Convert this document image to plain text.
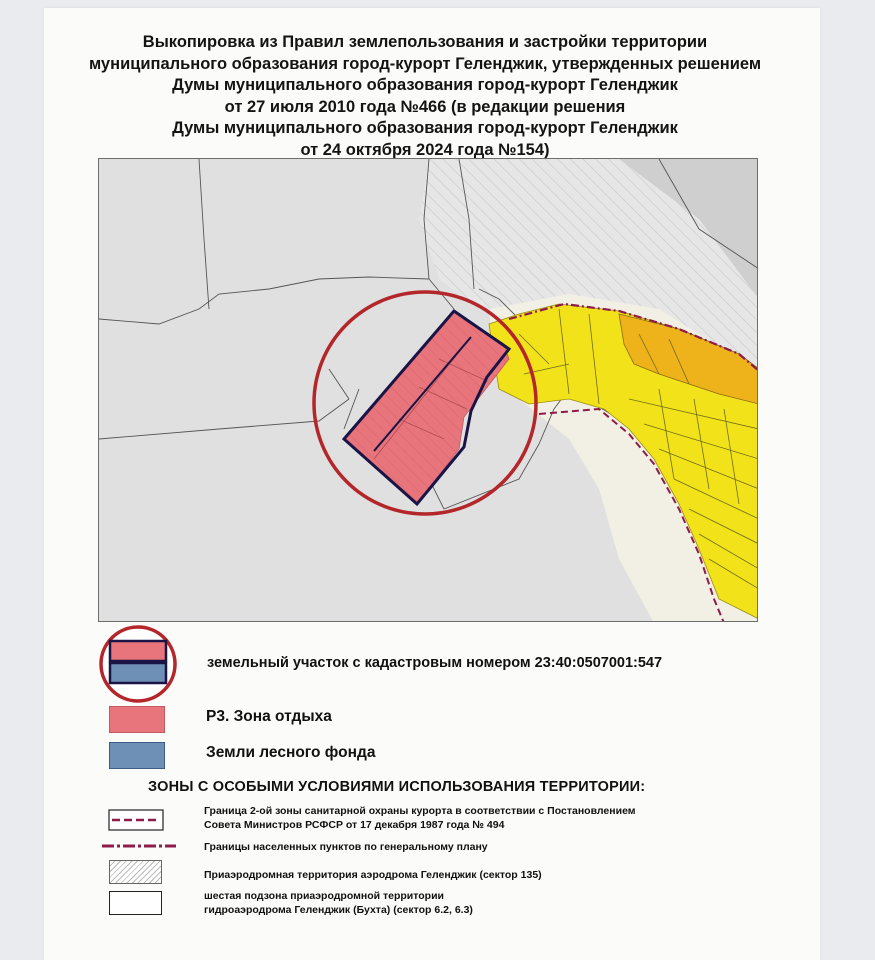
Выкопировка из Правил землепользования и застройки территории
муниципального образования город-курорт Геленджик, утвержденных решением
Думы муниципального образования город-курорт Геленджик
от 27 июля 2010 года №466 (в редакции решения
Думы муниципального образования город-курорт Геленджик
от 24 октября 2024 года №154)
земельный участок с кадастровым номером 23:40:0507001:547
Р3. Зона отдыха
Земли лесного фонда
ЗОНЫ С ОСОБЫМИ УСЛОВИЯМИ ИСПОЛЬЗОВАНИЯ ТЕРРИТОРИИ:
Граница 2-ой зоны санитарной охраны курорта в соответствии с Постановлением
Совета Министров РСФСР от 17 декабря 1987 года № 494
Границы населенных пунктов по генеральному плану
Приаэродромная территория аэродрома Геленджик (сектор 135)
шестая подзона приаэродромной территории
гидроаэродрома Геленджик (Бухта) (сектор 6.2, 6.3)
